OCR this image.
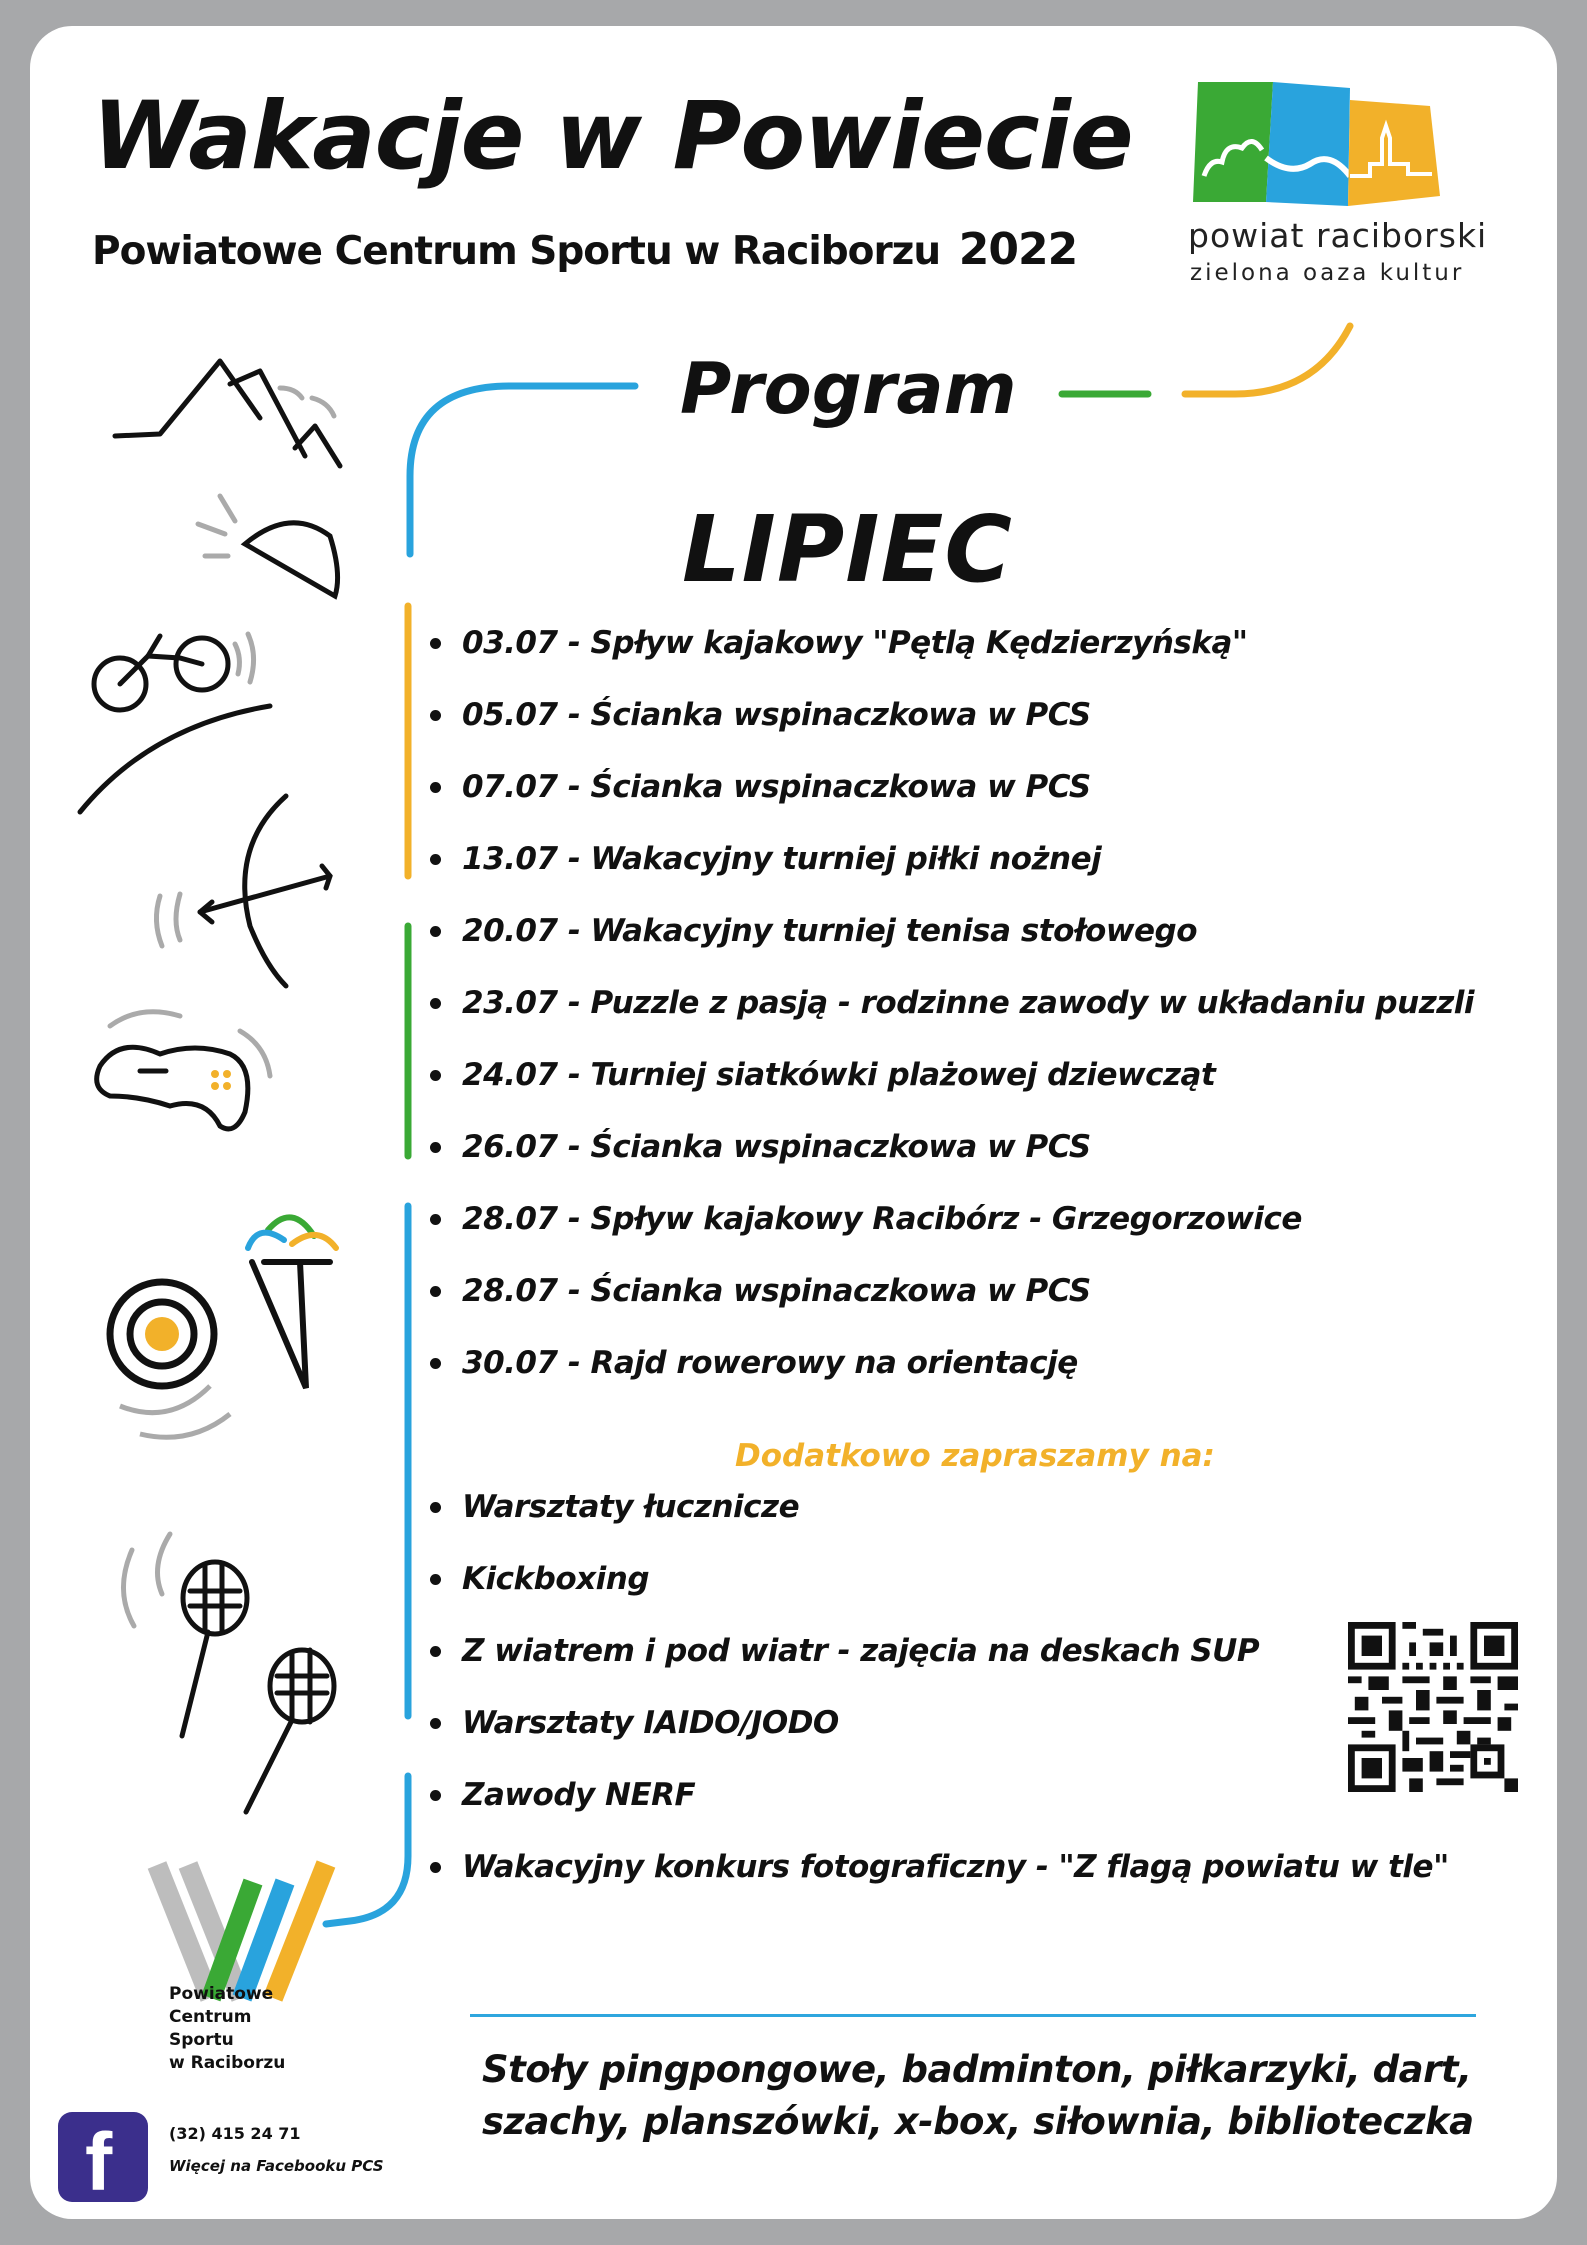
Wakacje w Powiecie
Powiatowe Centrum Sportu w Raciborzu 2022	powiat raciborski
zielona oaza kultur
Program
LIPIEC
03.07 - Spływ kajakowy "Pętlą Kędzierzyńską"
05.07 - Ścianka wspinaczkowa w PCS
07.07 - Ścianka wspinaczkowa w PCS
13.07 - Wakacyjny turniej piłki nożnej
20.07 - Wakacyjny turniej tenisa stołowego
23.07 - Puzzle z pasją - rodzinne zawody w układaniu puzzli
24.07 - Turniej siatkówki plażowej dziewcząt
26.07 - Ścianka wspinaczkowa w PCS
28.07 - Spływ kajakowy Racibórz - Grzegorzowice
28.07 - Ścianka wspinaczkowa w PCS
30.07 - Rajd rowerowy na orientację
Dodatkowo zapraszamy na:
Warsztaty łucznicze
Kickboxing
Z wiatrem i pod wiatr - zajęcia na deskach SUP
Warsztaty IAIDO/JODO
Zawody NERF
Wakacyjny konkurs fotograficzny - "Z flagą powiatu w tle"
Powiatowe
Centrum
Sportu
w Raciborzu
f	(32) 415 24 71
Więcej na Facebooku PCS
Stoły pingpongowe, badminton, piłkarzyki, dart,
szachy, planszówki, x-box, siłownia, biblioteczka
